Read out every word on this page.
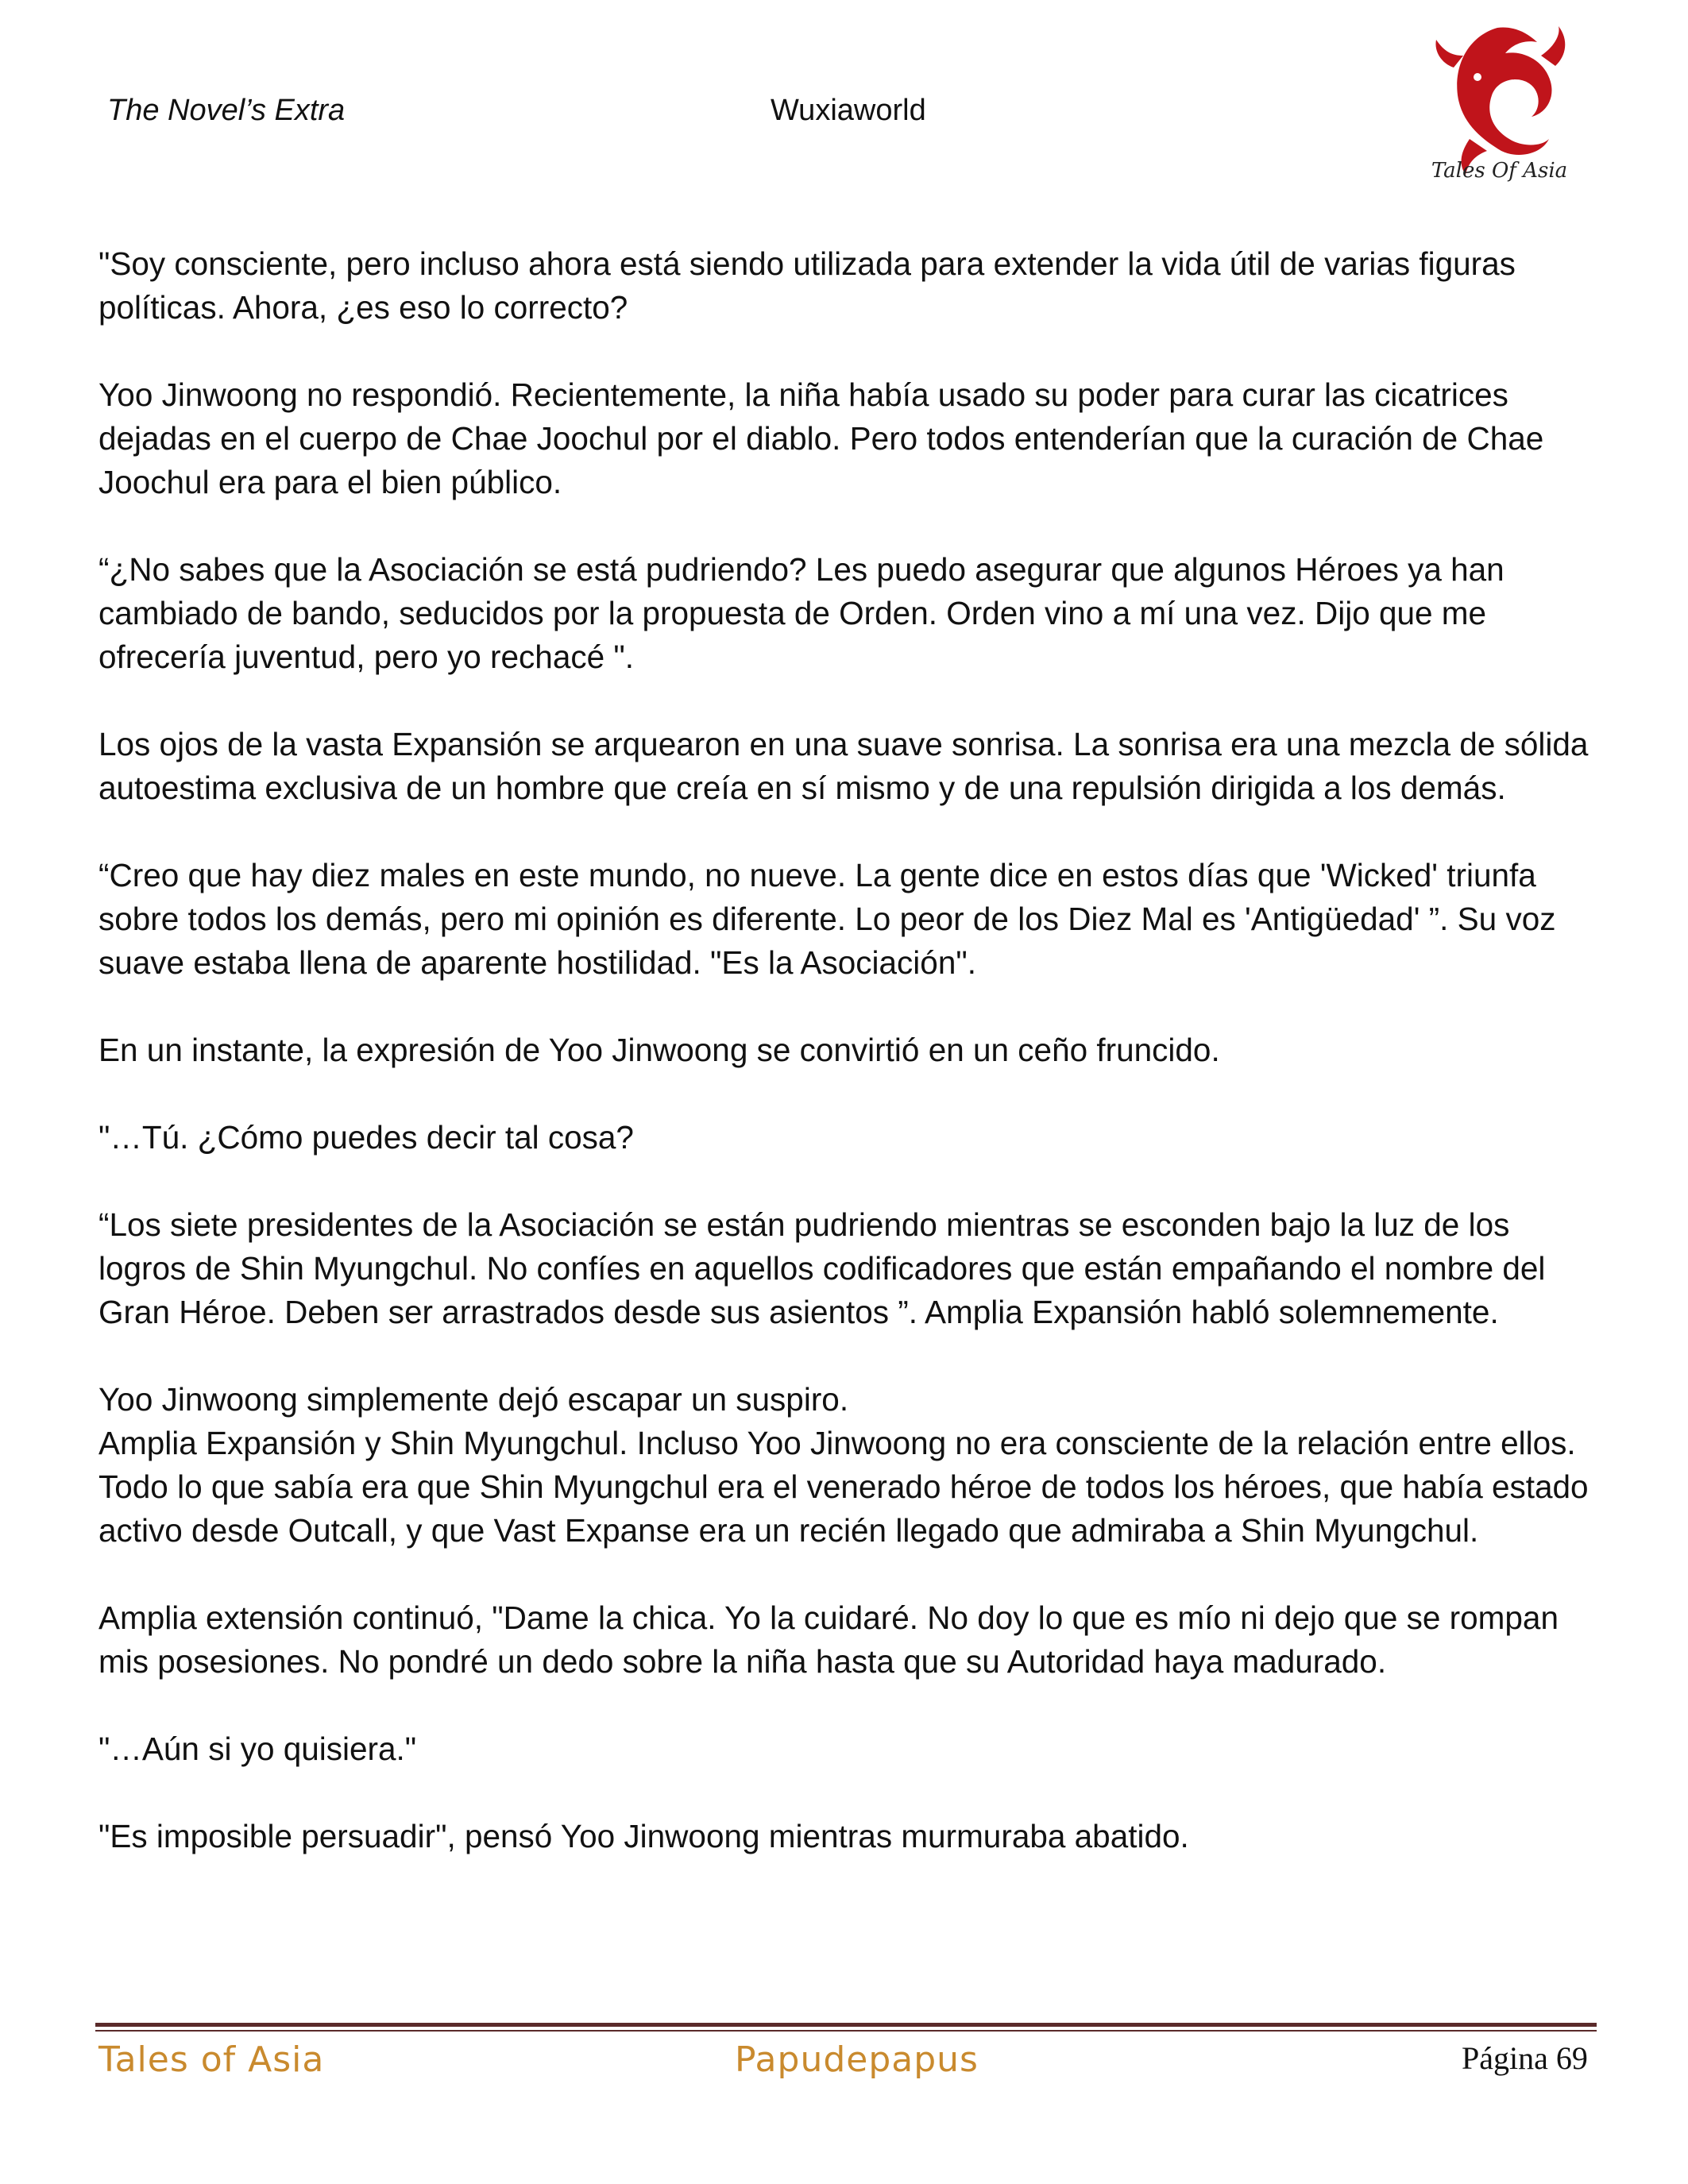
The Novel’s Extra	Wuxiaworld
Tales Of Asia

"Soy consciente, pero incluso ahora está siendo utilizada para extender la vida útil de varias figuras políticas. Ahora, ¿es eso lo correcto?

Yoo Jinwoong no respondió. Recientemente, la niña había usado su poder para curar las cicatrices dejadas en el cuerpo de Chae Joochul por el diablo. Pero todos entenderían que la curación de Chae Joochul era para el bien público.

“¿No sabes que la Asociación se está pudriendo? Les puedo asegurar que algunos Héroes ya han cambiado de bando, seducidos por la propuesta de Orden. Orden vino a mí una vez. Dijo que me ofrecería juventud, pero yo rechacé ".

Los ojos de la vasta Expansión se arquearon en una suave sonrisa. La sonrisa era una mezcla de sólida autoestima exclusiva de un hombre que creía en sí mismo y de una repulsión dirigida a los demás.

“Creo que hay diez males en este mundo, no nueve. La gente dice en estos días que 'Wicked' triunfa sobre todos los demás, pero mi opinión es diferente. Lo peor de los Diez Mal es 'Antigüedad' ”. Su voz suave estaba llena de aparente hostilidad. "Es la Asociación".

En un instante, la expresión de Yoo Jinwoong se convirtió en un ceño fruncido.

"…Tú. ¿Cómo puedes decir tal cosa?

“Los siete presidentes de la Asociación se están pudriendo mientras se esconden bajo la luz de los logros de Shin Myungchul. No confíes en aquellos codificadores que están empañando el nombre del Gran Héroe. Deben ser arrastrados desde sus asientos ”. Amplia Expansión habló solemnemente.

Yoo Jinwoong simplemente dejó escapar un suspiro.

Amplia Expansión y Shin Myungchul. Incluso Yoo Jinwoong no era consciente de la relación entre ellos.

Todo lo que sabía era que Shin Myungchul era el venerado héroe de todos los héroes, que había estado activo desde Outcall, y que Vast Expanse era un recién llegado que admiraba a Shin Myungchul.

Amplia extensión continuó, "Dame la chica. Yo la cuidaré. No doy lo que es mío ni dejo que se rompan mis posesiones. No pondré un dedo sobre la niña hasta que su Autoridad haya madurado.

"…Aún si yo quisiera."

"Es imposible persuadir", pensó Yoo Jinwoong mientras murmuraba abatido.

Tales of Asia	Papudepapus	Página 69
